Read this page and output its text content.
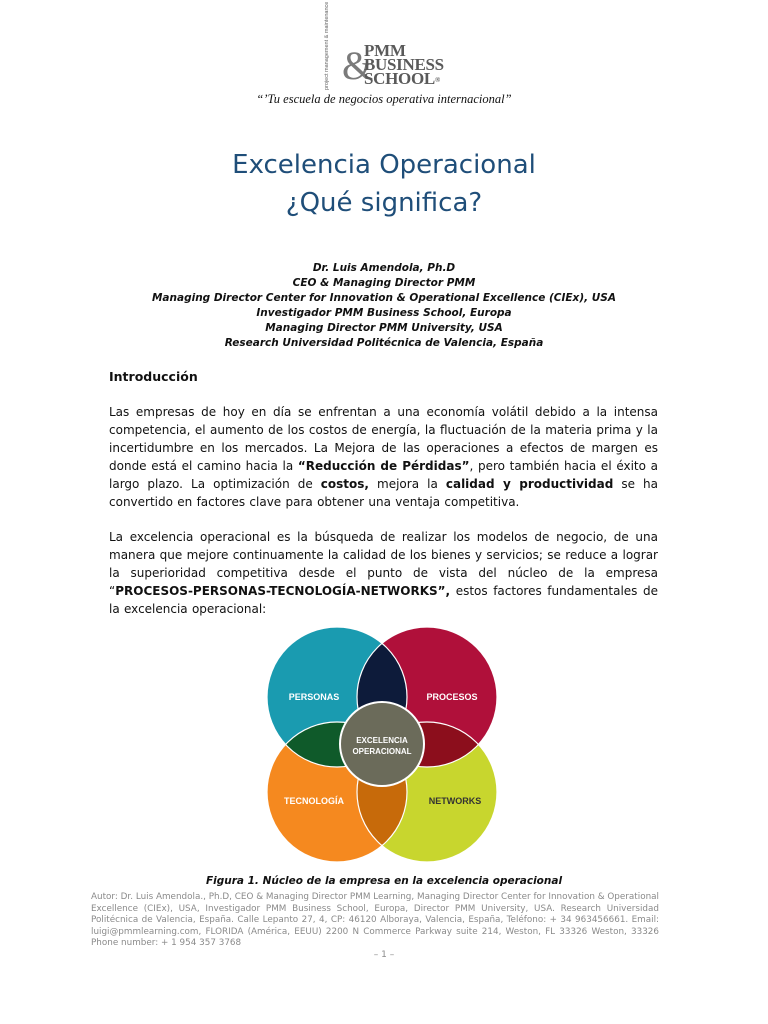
project management & maintenance &
PMM
BUSINESS
SCHOOL®
“’Tu escuela de negocios operativa internacional”
Excelencia Operacional
¿Qué significa?
Dr. Luis Amendola, Ph.D
CEO & Managing Director PMM
Managing Director Center for Innovation & Operational Excellence (CIEx), USA
Investigador PMM Business School, Europa
Managing Director PMM University, USA
Research Universidad Politécnica de Valencia, España
Introducción
Las empresas de hoy en día se enfrentan a una economía volátil debido a la intensa competencia, el aumento de los costos de energía, la fluctuación de la materia prima y la incertidumbre en los mercados. La Mejora de las operaciones a efectos de margen es donde está el camino hacia la “Reducción de Pérdidas”, pero también hacia el éxito a largo plazo. La optimización de costos, mejora la calidad y productividad se ha convertido en factores clave para obtener una ventaja competitiva.
La excelencia operacional es la búsqueda de realizar los modelos de negocio, de una manera que mejore continuamente la calidad de los bienes y servicios; se reduce a lograr la superioridad competitiva desde el punto de vista del núcleo de la empresa “PROCESOS-PERSONAS-TECNOLOGÍA-NETWORKS”, estos factores fundamentales de la excelencia operacional:
PERSONAS	PROCESOS
TECNOLOGÍA	NETWORKS
EXCELENCIA
OPERACIONAL
Figura 1. Núcleo de la empresa en la excelencia operacional
Autor: Dr. Luis Amendola., Ph.D, CEO & Managing Director PMM Learning, Managing Director Center for Innovation & Operational Excellence (CIEx), USA, Investigador PMM Business School, Europa, Director PMM University, USA. Research Universidad Politécnica de Valencia, España. Calle Lepanto 27, 4, CP: 46120 Alboraya, Valencia, España, Teléfono: + 34 963456661. Email: luigi@pmmlearning.com, FLORIDA (América, EEUU) 2200 N Commerce Parkway suite 214, Weston, FL 33326 Weston, 33326 Phone number: + 1 954 357 3768
– 1 –
